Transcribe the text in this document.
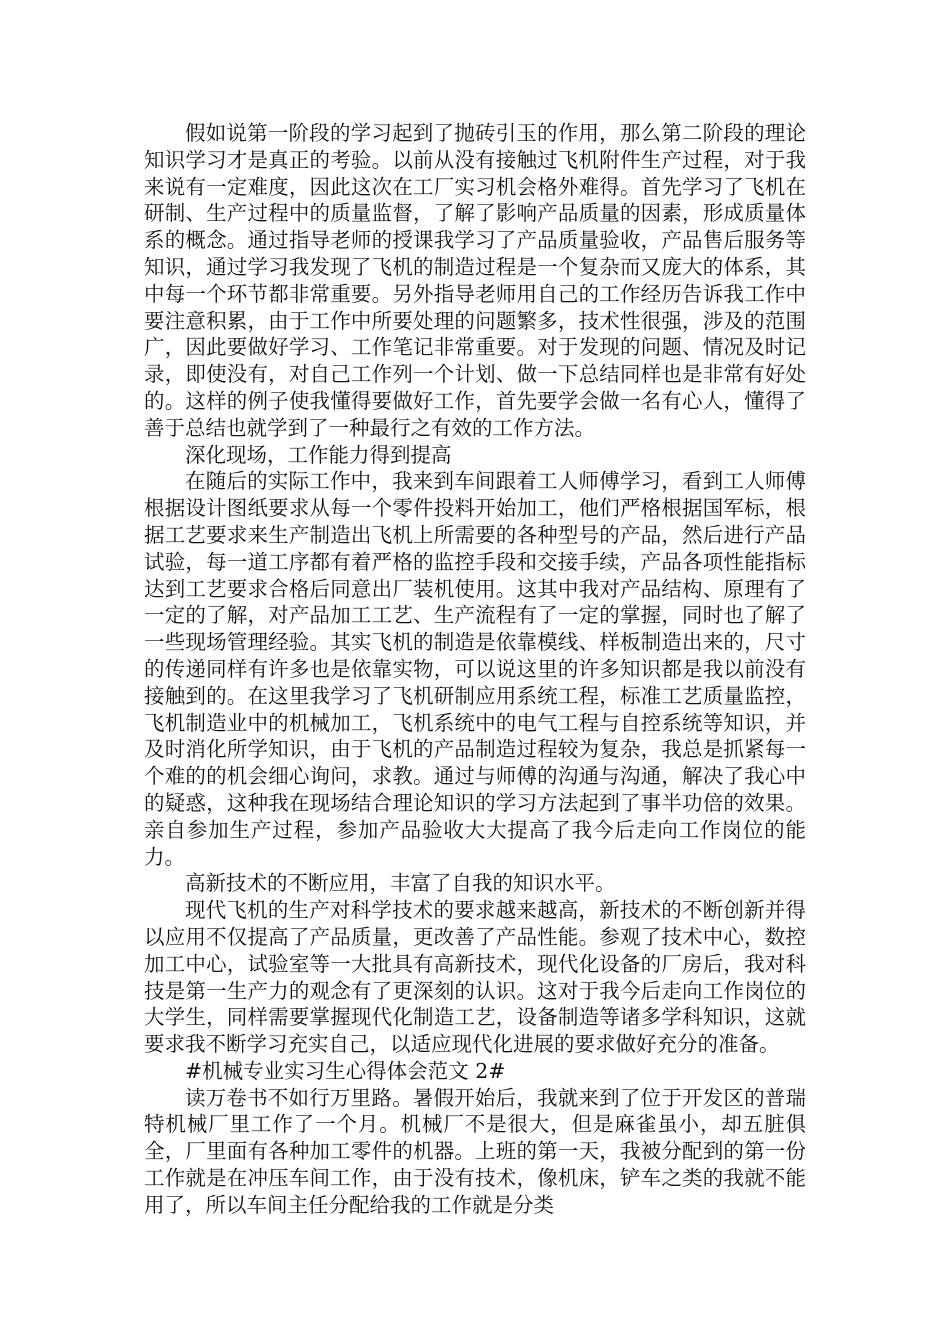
假如说第一阶段的学习起到了抛砖引玉的作用，那么第二阶段的理论知识学习才是真正的考验。以前从没有接触过飞机附件生产过程，对于我来说有一定难度，因此这次在工厂实习机会格外难得。首先学习了飞机在研制、生产过程中的质量监督，了解了影响产品质量的因素，形成质量体系的概念。通过指导老师的授课我学习了产品质量验收，产品售后服务等知识，通过学习我发现了飞机的制造过程是一个复杂而又庞大的体系，其中每一个环节都非常重要。另外指导老师用自己的工作经历告诉我工作中要注意积累，由于工作中所要处理的问题繁多，技术性很强，涉及的范围广，因此要做好学习、工作笔记非常重要。对于发现的问题、情况及时记录，即使没有，对自己工作列一个计划、做一下总结同样也是非常有好处的。这样的例子使我懂得要做好工作，首先要学会做一名有心人，懂得了善于总结也就学到了一种最行之有效的工作方法。

深化现场，工作能力得到提高

在随后的实际工作中，我来到车间跟着工人师傅学习，看到工人师傅根据设计图纸要求从每一个零件投料开始加工，他们严格根据国军标，根据工艺要求来生产制造出飞机上所需要的各种型号的产品，然后进行产品试验，每一道工序都有着严格的监控手段和交接手续，产品各项性能指标达到工艺要求合格后同意出厂装机使用。这其中我对产品结构、原理有了一定的了解，对产品加工工艺、生产流程有了一定的掌握，同时也了解了一些现场管理经验。其实飞机的制造是依靠模线、样板制造出来的，尺寸的传递同样有许多也是依靠实物，可以说这里的许多知识都是我以前没有接触到的。在这里我学习了飞机研制应用系统工程，标准工艺质量监控，飞机制造业中的机械加工，飞机系统中的电气工程与自控系统等知识，并及时消化所学知识，由于飞机的产品制造过程较为复杂，我总是抓紧每一个难的的机会细心询问，求教。通过与师傅的沟通与沟通，解决了我心中的疑惑，这种我在现场结合理论知识的学习方法起到了事半功倍的效果。亲自参加生产过程，参加产品验收大大提高了我今后走向工作岗位的能力。

高新技术的不断应用，丰富了自我的知识水平。

现代飞机的生产对科学技术的要求越来越高，新技术的不断创新并得以应用不仅提高了产品质量，更改善了产品性能。参观了技术中心，数控加工中心，试验室等一大批具有高新技术，现代化设备的厂房后，我对科技是第一生产力的观念有了更深刻的认识。这对于我今后走向工作岗位的大学生，同样需要掌握现代化制造工艺，设备制造等诸多学科知识，这就要求我不断学习充实自己，以适应现代化进展的要求做好充分的准备。

#机械专业实习生心得体会范文 2#

读万卷书不如行万里路。暑假开始后，我就来到了位于开发区的普瑞特机械厂里工作了一个月。机械厂不是很大，但是麻雀虽小，却五脏俱全，厂里面有各种加工零件的机器。上班的第一天，我被分配到的第一份工作就是在冲压车间工作，由于没有技术，像机床，铲车之类的我就不能用了，所以车间主任分配给我的工作就是分类
